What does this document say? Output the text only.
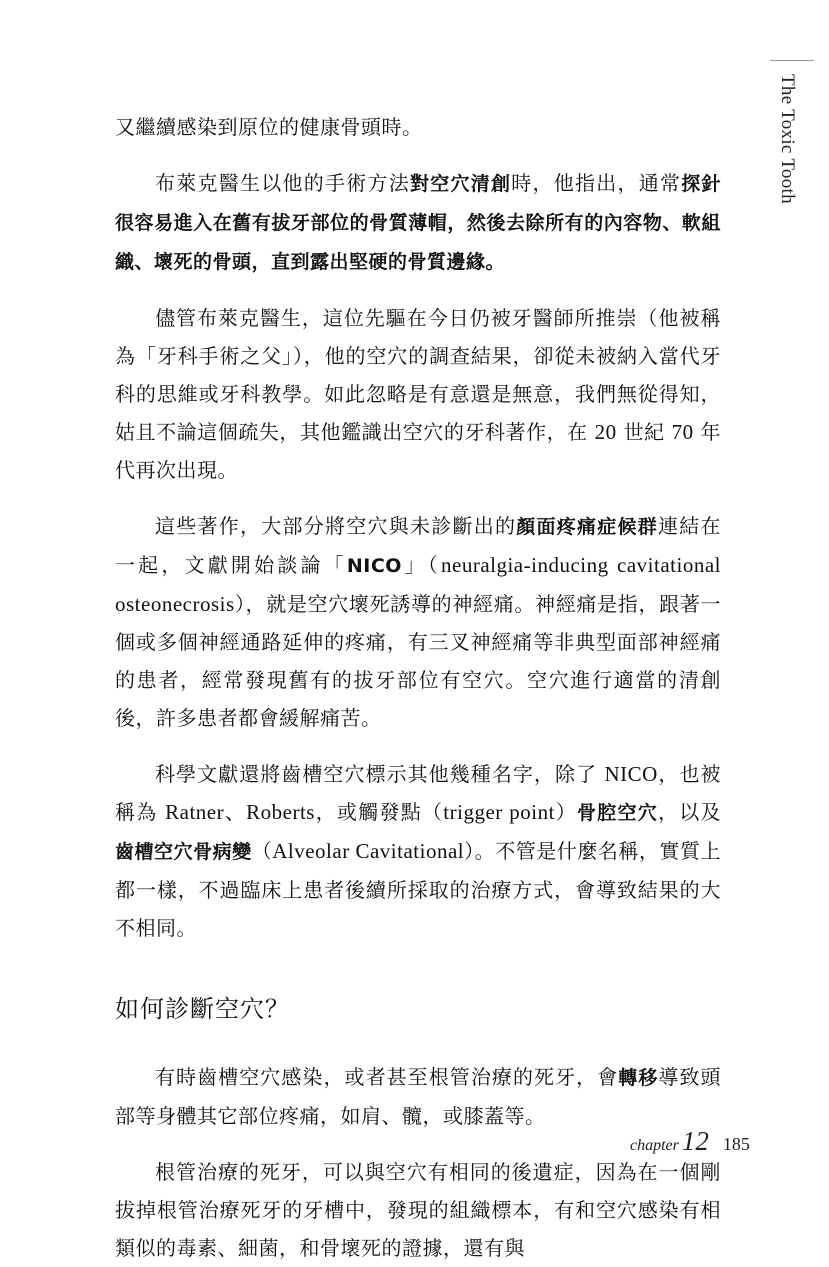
The Toxic Tooth

又繼續感染到原位的健康骨頭時。

布萊克醫生以他的手術方法對空穴清創時，他指出，通常探針很容易進入在舊有拔牙部位的骨質薄帽，然後去除所有的內容物、軟組織、壞死的骨頭，直到露出堅硬的骨質邊緣。

儘管布萊克醫生，這位先驅在今日仍被牙醫師所推崇（他被稱為「牙科手術之父」），他的空穴的調查結果，卻從未被納入當代牙科的思維或牙科教學。如此忽略是有意還是無意，我們無從得知，姑且不論這個疏失，其他鑑識出空穴的牙科著作，在 20 世紀 70 年代再次出現。

這些著作，大部分將空穴與未診斷出的顏面疼痛症候群連結在一起，文獻開始談論「NICO」（neuralgia-inducing cavitational osteonecrosis），就是空穴壞死誘導的神經痛。神經痛是指，跟著一個或多個神經通路延伸的疼痛，有三叉神經痛等非典型面部神經痛的患者，經常發現舊有的拔牙部位有空穴。空穴進行適當的清創後，許多患者都會緩解痛苦。

科學文獻還將齒槽空穴標示其他幾種名字，除了 NICO，也被稱為 Ratner、Roberts，或觸發點（trigger point）骨腔空穴，以及齒槽空穴骨病變（Alveolar Cavitational）。不管是什麼名稱，實質上都一樣，不過臨床上患者後續所採取的治療方式，會導致結果的大不相同。

如何診斷空穴？

有時齒槽空穴感染，或者甚至根管治療的死牙，會轉移導致頭部等身體其它部位疼痛，如肩、髖，或膝蓋等。

根管治療的死牙，可以與空穴有相同的後遺症，因為在一個剛拔掉根管治療死牙的牙槽中，發現的組織標本，有和空穴感染有相類似的毒素、細菌，和骨壞死的證據，還有與

chapter 12 185
